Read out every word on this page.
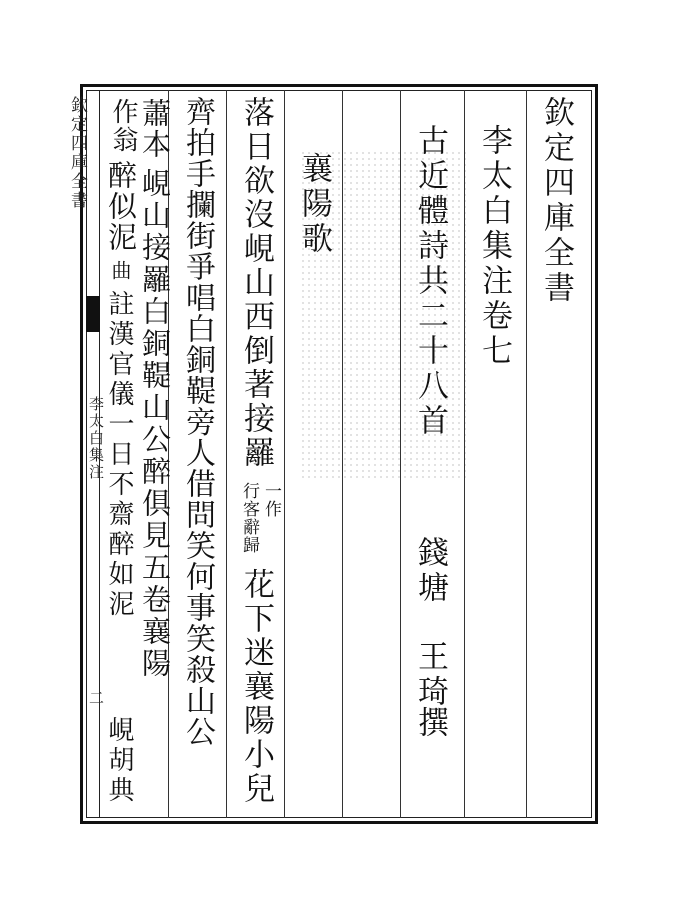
欽定四庫全書
李太白集注
二
欽定四庫全書
李太白集注卷七
古近體詩共二十八首
錢塘
王琦
撰
襄陽歌
落日欲沒峴山西倒著接䍦
一作
行客辭歸
花下迷襄陽小兒
齊拍手攔街爭唱白銅鞮旁人借問笑何事笑殺山公
蕭本
峴山接䍦白銅鞮山公醉俱見五卷襄陽
作翁
醉似泥
曲
註漢官儀一日不齋醉如泥
峴胡典
